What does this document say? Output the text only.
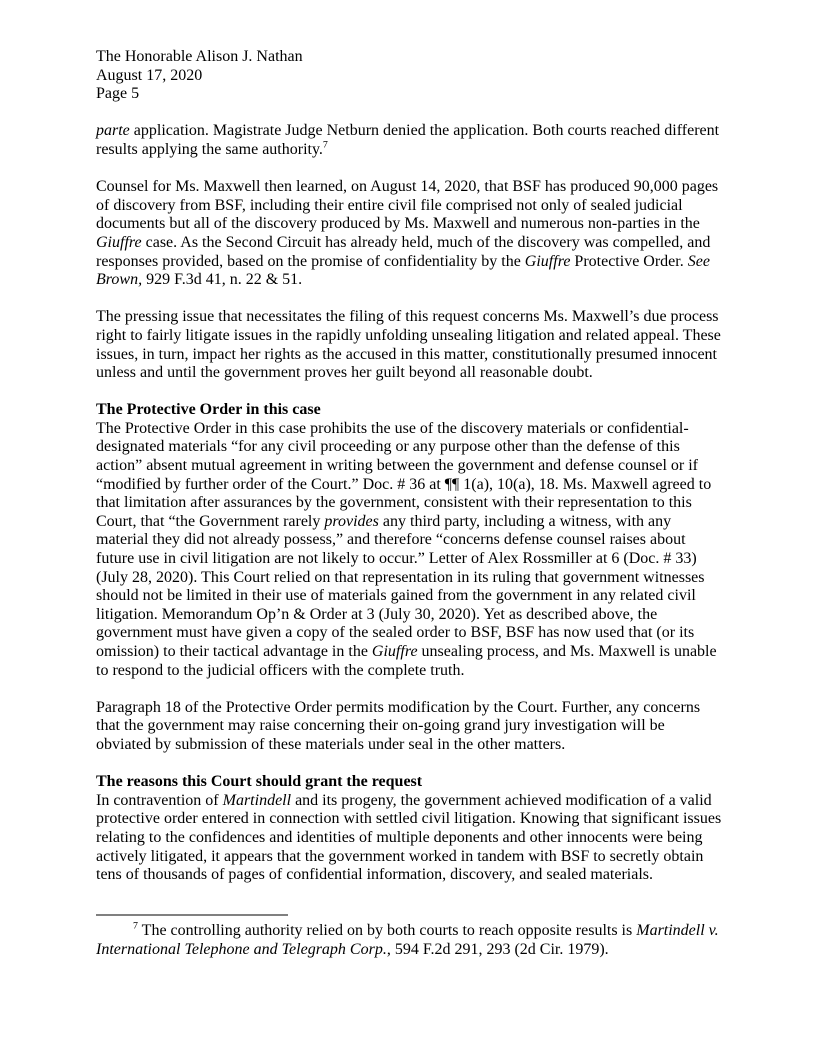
The Honorable Alison J. Nathan
August 17, 2020
Page 5

parte application. Magistrate Judge Netburn denied the application. Both courts reached different results applying the same authority.$^7$

Counsel for Ms. Maxwell then learned, on August 14, 2020, that BSF has produced 90,000 pages of discovery from BSF, including their entire civil file comprised not only of sealed judicial documents but all of the discovery produced by Ms. Maxwell and numerous non-parties in the Giuffre case. As the Second Circuit has already held, much of the discovery was compelled, and responses provided, based on the promise of confidentiality by the Giuffre Protective Order. See Brown, 929 F.3d 41, n. 22 & 51.

The pressing issue that necessitates the filing of this request concerns Ms. Maxwell’s due process right to fairly litigate issues in the rapidly unfolding unsealing litigation and related appeal. These issues, in turn, impact her rights as the accused in this matter, constitutionally presumed innocent unless and until the government proves her guilt beyond all reasonable doubt.

The Protective Order in this case

The Protective Order in this case prohibits the use of the discovery materials or confidential-designated materials “for any civil proceeding or any purpose other than the defense of this action” absent mutual agreement in writing between the government and defense counsel or if “modified by further order of the Court.” Doc. # 36 at ¶¶ 1(a), 10(a), 18. Ms. Maxwell agreed to that limitation after assurances by the government, consistent with their representation to this Court, that “the Government rarely provides any third party, including a witness, with any material they did not already possess,” and therefore “concerns defense counsel raises about future use in civil litigation are not likely to occur.” Letter of Alex Rossmiller at 6 (Doc. # 33) (July 28, 2020). This Court relied on that representation in its ruling that government witnesses should not be limited in their use of materials gained from the government in any related civil litigation. Memorandum Op’n & Order at 3 (July 30, 2020). Yet as described above, the government must have given a copy of the sealed order to BSF, BSF has now used that (or its omission) to their tactical advantage in the Giuffre unsealing process, and Ms. Maxwell is unable to respond to the judicial officers with the complete truth.

Paragraph 18 of the Protective Order permits modification by the Court. Further, any concerns that the government may raise concerning their on-going grand jury investigation will be obviated by submission of these materials under seal in the other matters.

The reasons this Court should grant the request

In contravention of Martindell and its progeny, the government achieved modification of a valid protective order entered in connection with settled civil litigation. Knowing that significant issues relating to the confidences and identities of multiple deponents and other innocents were being actively litigated, it appears that the government worked in tandem with BSF to secretly obtain tens of thousands of pages of confidential information, discovery, and sealed materials.

$^7$ The controlling authority relied on by both courts to reach opposite results is Martindell v. International Telephone and Telegraph Corp., 594 F.2d 291, 293 (2d Cir. 1979).
